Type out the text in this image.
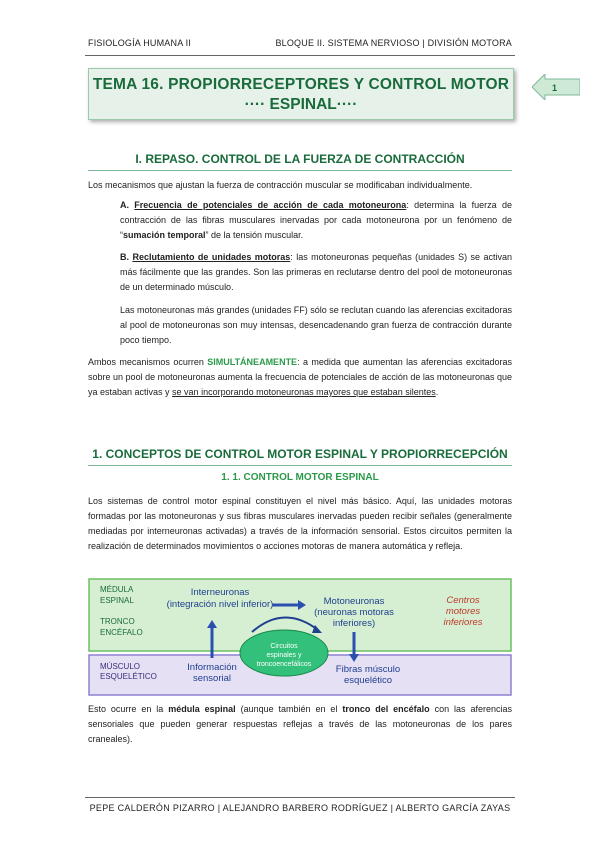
FISIOLOGÍA HUMANA II	BLOQUE II. SISTEMA NERVIOSO | DIVISIÓN MOTORA
TEMA 16. PROPIORRECEPTORES Y CONTROL MOTOR
···· ESPINAL····
1
I. REPASO. CONTROL DE LA FUERZA DE CONTRACCIÓN
Los mecanismos que ajustan la fuerza de contracción muscular se modificaban individualmente.
A. Frecuencia de potenciales de acción de cada motoneurona: determina la fuerza de contracción de las fibras musculares inervadas por cada motoneurona por un fenómeno de “sumación temporal” de la tensión muscular.
B. Reclutamiento de unidades motoras: las motoneuronas pequeñas (unidades S) se activan más fácilmente que las grandes. Son las primeras en reclutarse dentro del pool de motoneuronas de un determinado músculo.
Las motoneuronas más grandes (unidades FF) sólo se reclutan cuando las aferencias excitadoras al pool de motoneuronas son muy intensas, desencadenando gran fuerza de contracción durante poco tiempo.
Ambos mecanismos ocurren SIMULTÁNEAMENTE: a medida que aumentan las aferencias excitadoras sobre un pool de motoneuronas aumenta la frecuencia de potenciales de acción de las motoneuronas que ya estaban activas y se van incorporando motoneuronas mayores que estaban silentes.
1. CONCEPTOS DE CONTROL MOTOR ESPINAL Y PROPIORRECEPCIÓN
1. 1. CONTROL MOTOR ESPINAL
Los sistemas de control motor espinal constituyen el nivel más básico. Aquí, las unidades motoras formadas por las motoneuronas y sus fibras musculares inervadas pueden recibir señales (generalmente mediadas por interneuronas activadas) a través de la información sensorial. Estos circuitos permiten la realización de determinados movimientos o acciones motoras de manera automática y refleja.
MÉDULA
ESPINAL
TRONCO
ENCÉFALO
MÚSCULO
ESQUELÉTICO
Interneuronas
(integración nivel inferior)	Motoneuronas
(neuronas motoras
inferiores)
Información
sensorial
Fibras músculo
esquelético
Centros
motores
inferiores
Circuitos
espinales y
troncoencefálicos
Esto ocurre en la médula espinal (aunque también en el tronco del encéfalo con las aferencias sensoriales que pueden generar respuestas reflejas a través de las motoneuronas de los pares craneales).
PEPE CALDERÓN PIZARRO | ALEJANDRO BARBERO RODRÍGUEZ | ALBERTO GARCÍA ZAYAS
